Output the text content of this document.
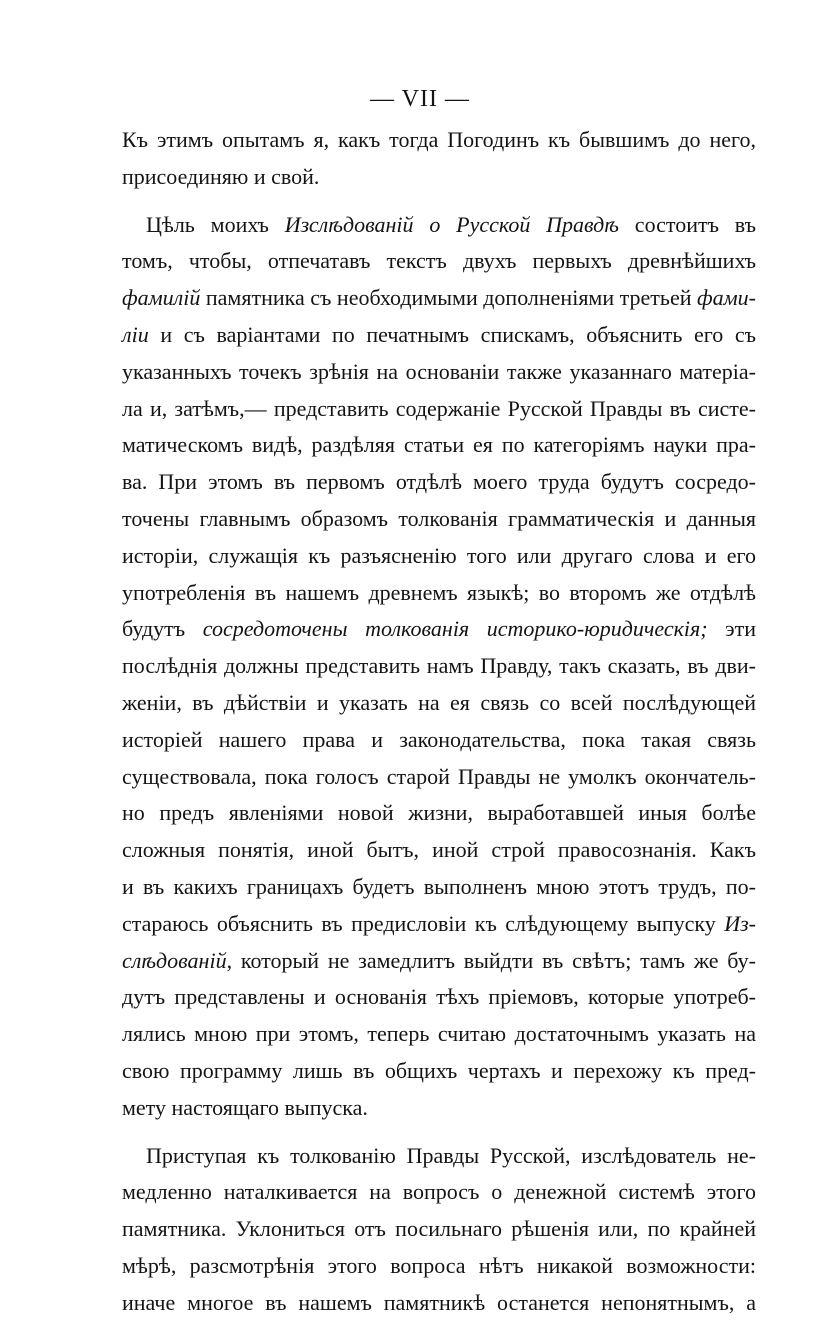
— VII —
Къ этимъ опытамъ я, какъ тогда Погодинъ къ бывшимъ до него,
присоединяю и свой.
Цѣль моихъ Изслѣдованій о Русской Правдѣ состоитъ въ
томъ, чтобы, отпечатавъ текстъ двухъ первыхъ древнѣйшихъ
фамилій памятника съ необходимыми дополненіями третьей фами-
ліи и съ варіантами по печатнымъ спискамъ, объяснить его съ
указанныхъ точекъ зрѣнія на основаніи также указаннаго матеріа-
ла и, затѣмъ,— представить содержаніе Русской Правды въ систе-
матическомъ видѣ, раздѣляя статьи ея по категоріямъ науки пра-
ва. При этомъ въ первомъ отдѣлѣ моего труда будутъ сосредо-
точены главнымъ образомъ толкованія грамматическія и данныя
исторіи, служащія къ разъясненію того или другаго слова и его
употребленія въ нашемъ древнемъ языкѣ; во второмъ же отдѣлѣ
будутъ сосредоточены толкованія историко-юридическія; эти
послѣднія должны представить намъ Правду, такъ сказать, въ дви-
женіи, въ дѣйствіи и указать на ея связь со всей послѣдующей
исторіей нашего права и законодательства, пока такая связь
существовала, пока голосъ старой Правды не умолкъ окончатель-
но предъ явленіями новой жизни, выработавшей иныя болѣе
сложныя понятія, иной бытъ, иной строй правосознанія. Какъ
и въ какихъ границахъ будетъ выполненъ мною этотъ трудъ, по-
стараюсь объяснить въ предисловіи къ слѣдующему выпуску Из-
слѣдованій, который не замедлитъ выйдти въ свѣтъ; тамъ же бу-
дутъ представлены и основанія тѣхъ пріемовъ, которые употреб-
лялись мною при этомъ, теперь считаю достаточнымъ указать на
свою программу лишь въ общихъ чертахъ и перехожу къ пред-
мету настоящаго выпуска.
Приступая къ толкованію Правды Русской, изслѣдователь не-
медленно наталкивается на вопросъ о денежной системѣ этого
памятника. Уклониться отъ посильнаго рѣшенія или, по крайней
мѣрѣ, разсмотрѣнія этого вопроса нѣтъ никакой возможности:
иначе многое въ нашемъ памятникѣ останется непонятнымъ, а
